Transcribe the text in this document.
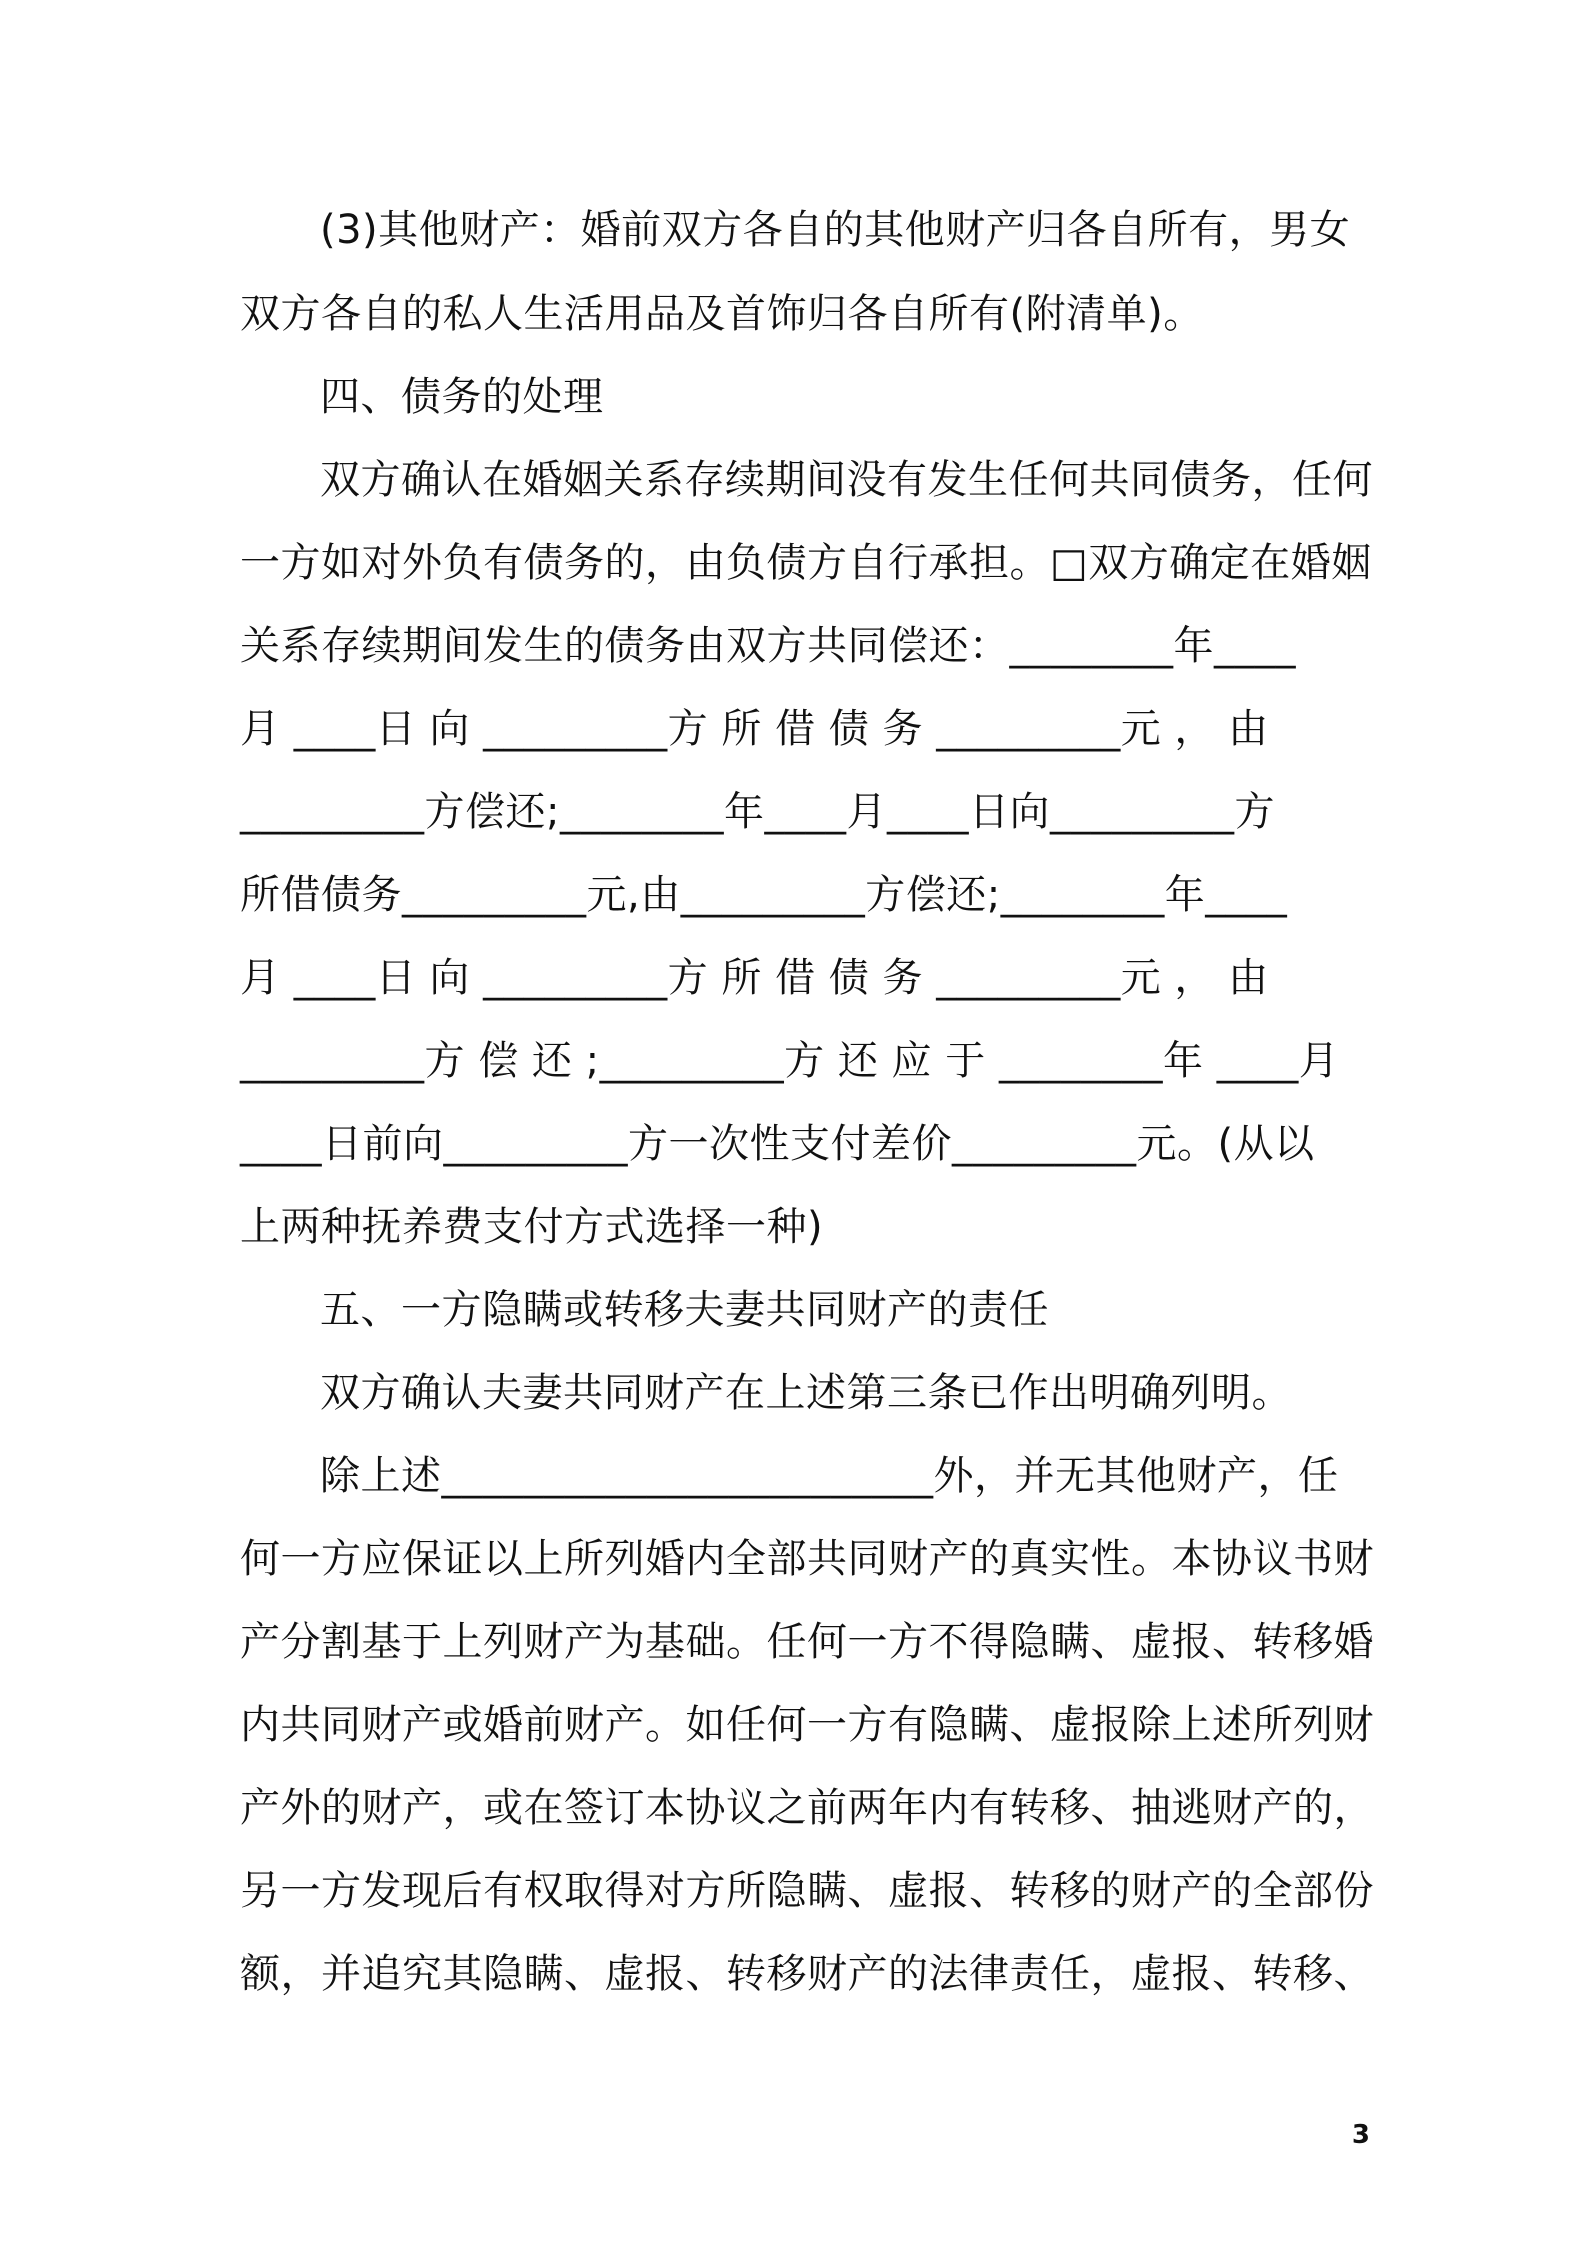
(3)其他财产：婚前双方各自的其他财产归各自所有，男女
双方各自的私人生活用品及首饰归各自所有(附清单)。
四、债务的处理
双方确认在婚姻关系存续期间没有发生任何共同债务，任何
一方如对外负有债务的，由负债方自行承担。□双方确定在婚姻
关系存续期间发生的债务由双方共同偿还：________年____
月 ____日 向 _________方 所 借 债 务 _________元 ， 由
_________方偿还;________年____月____日向_________方
所借债务_________元,由_________方偿还;________年____
月 ____日 向 _________方 所 借 债 务 _________元 ， 由
_________方 偿 还 ;_________方 还 应 于 ________年 ____月
____日前向_________方一次性支付差价_________元。(从以
上两种抚养费支付方式选择一种)
五、一方隐瞒或转移夫妻共同财产的责任
双方确认夫妻共同财产在上述第三条已作出明确列明。
除上述________________________外，并无其他财产，任
何一方应保证以上所列婚内全部共同财产的真实性。本协议书财
产分割基于上列财产为基础。任何一方不得隐瞒、虚报、转移婚
内共同财产或婚前财产。如任何一方有隐瞒、虚报除上述所列财
产外的财产，或在签订本协议之前两年内有转移、抽逃财产的，
另一方发现后有权取得对方所隐瞒、虚报、转移的财产的全部份
额，并追究其隐瞒、虚报、转移财产的法律责任，虚报、转移、
3
